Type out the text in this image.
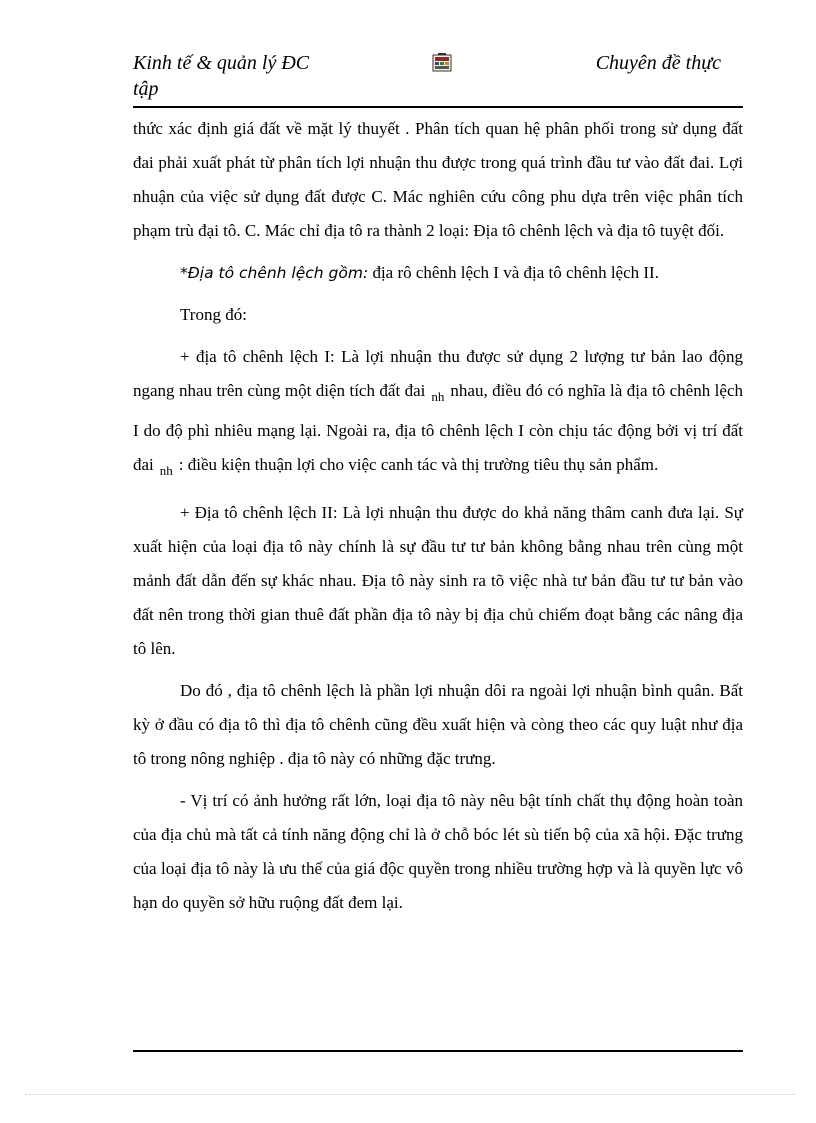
Kinh tế & quản lý ĐC
tập
Chuyên đề thực

thức xác định giá đất về mặt lý thuyết . Phân tích quan hệ phân phối trong sử dụng đất đai phải xuất phát từ phân tích lợi nhuận thu được trong quá trình đầu tư vào đất đai. Lợi nhuận của việc sử dụng đất được C. Mác nghiên cứu công phu dựa trên việc phân tích phạm trù đại tô. C. Mác chỉ địa tô ra thành 2 loại: Địa tô chênh lệch và địa tô tuyệt đối.

*Địa tô chênh lệch gồm: địa rô chênh lệch I và địa tô chênh lệch II.

Trong đó:

+ địa tô chênh lệch I: Là lợi nhuận thu được sử dụng 2 lượng tư bản lao động ngang nhau trên cùng một diện tích đất đai $_{nh}$ nhau, điều đó có nghĩa là địa tô chênh lệch I do độ phì nhiêu mạng lại. Ngoài ra, địa tô chênh lệch I còn chịu tác động bởi vị trí đất đai $_{nh}$ : điều kiện thuận lợi cho việc canh tác và thị trường tiêu thụ sản phẩm.

+ Địa tô chênh lệch II: Là lợi nhuận thu được do khả năng thâm canh đưa lại. Sự xuất hiện của loại địa tô này chính là sự đầu tư tư bản không bằng nhau trên cùng một mảnh đất dẫn đến sự khác nhau. Địa tô này sinh ra tõ việc nhà tư bản đầu tư tư bản vào đất nên trong thời gian thuê đất phần địa tô này bị địa chủ chiếm đoạt bằng các nâng địa tô lên.

Do đó , địa tô chênh lệch là phần lợi nhuận dôi ra ngoài lợi nhuận bình quân. Bất kỳ ở đầu có địa tô thì địa tô chênh cũng đều xuất hiện và còng theo các quy luật như địa tô trong nông nghiệp . địa tô này có những đặc trưng.

- Vị trí có ảnh hưởng rất lớn, loại địa tô này nêu bật tính chất thụ động hoàn toàn của địa chủ mà tất cả tính năng động chỉ là ở chỗ bóc lét sù tiến bộ của xã hội. Đặc trưng của loại địa tô này là ưu thế của giá độc quyền trong nhiều trường hợp và là quyền lực vô hạn do quyền sở hữu ruộng đất đem lại.
